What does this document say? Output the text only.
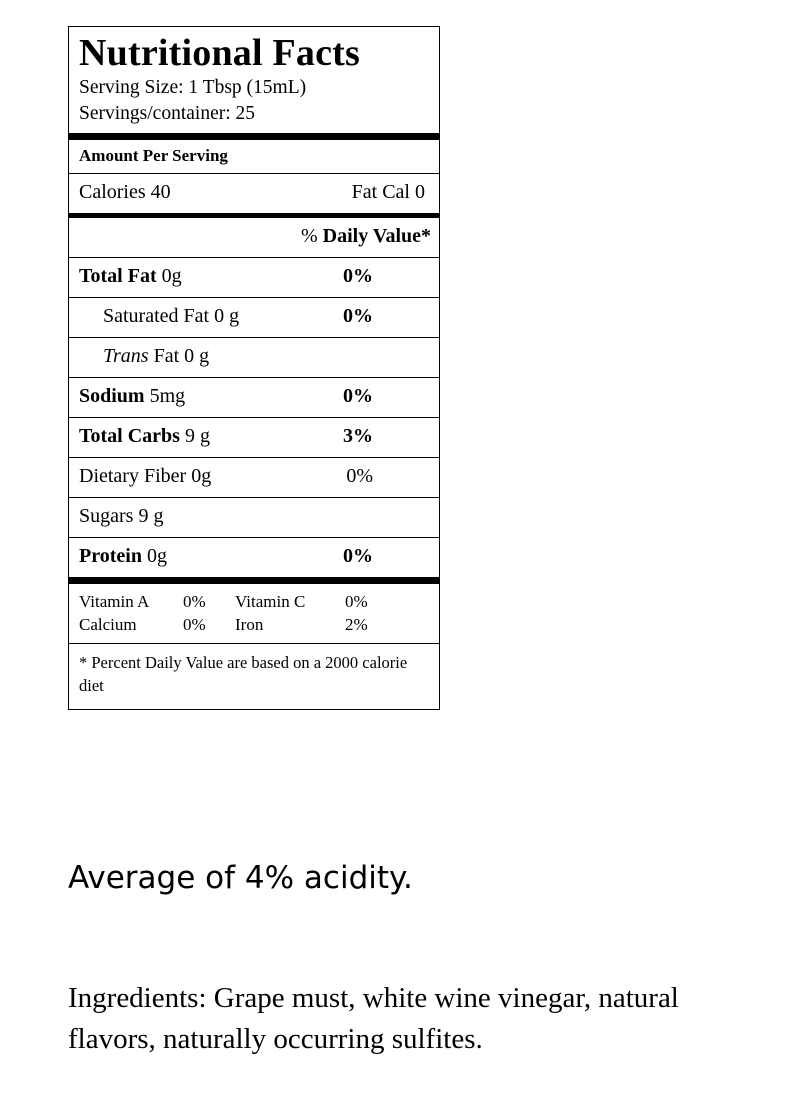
Nutritional Facts
Serving Size: 1 Tbsp (15mL)
Servings/container: 25
Amount Per Serving
Calories 40	Fat Cal 0
% Daily Value*
Total Fat 0g	0%
Saturated Fat 0 g	0%
Trans Fat 0 g
Sodium 5mg	0%
Total Carbs 9 g	3%
Dietary Fiber 0g	0%
Sugars 9 g
Protein 0g	0%
Vitamin A	0%	Vitamin C	0%
Calcium	0%	Iron	2%
* Percent Daily Value are based on a 2000 calorie diet
Average of 4% acidity.
Ingredients: Grape must, white wine vinegar, natural flavors, naturally occurring sulfites.
